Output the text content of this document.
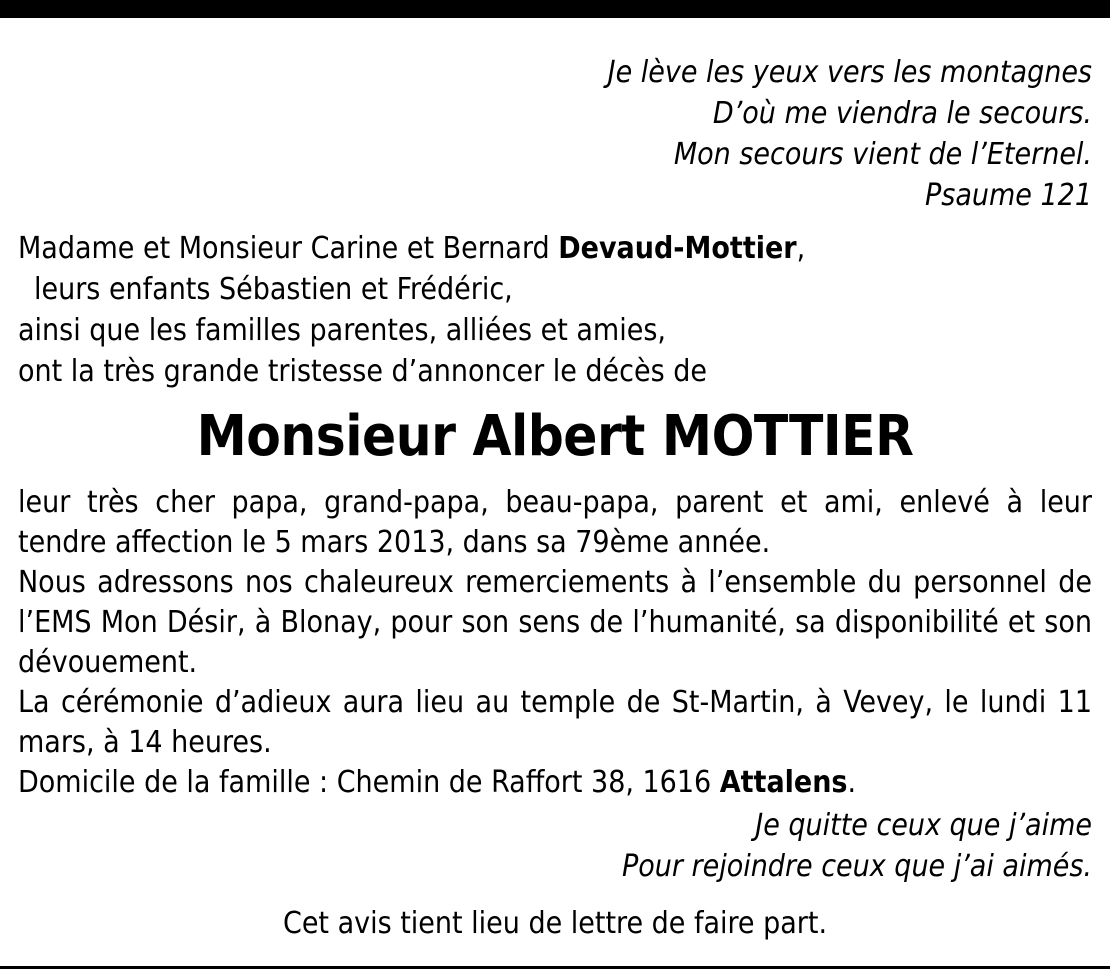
Je lève les yeux vers les montagnes
D’où me viendra le secours.
Mon secours vient de l’Eternel.
Psaume 121
Madame et Monsieur Carine et Bernard Devaud-Mottier,
leurs enfants Sébastien et Frédéric,
ainsi que les familles parentes, alliées et amies,
ont la très grande tristesse d’annoncer le décès de
Monsieur Albert MOTTIER

leur très cher papa, grand-papa, beau-papa, parent et ami, enlevé à leur tendre affection le 5 mars 2013, dans sa 79ème année.

Nous adressons nos chaleureux remerciements à l’ensemble du personnel de l’EMS Mon Désir, à Blonay, pour son sens de l’humanité, sa disponibilité et son dévouement.

La cérémonie d’adieux aura lieu au temple de St-Martin, à Vevey, le lundi 11 mars, à 14 heures.

Domicile de la famille : Chemin de Raffort 38, 1616 Attalens.

Je quitte ceux que j’aime
Pour rejoindre ceux que j’ai aimés.
Cet avis tient lieu de lettre de faire part.
